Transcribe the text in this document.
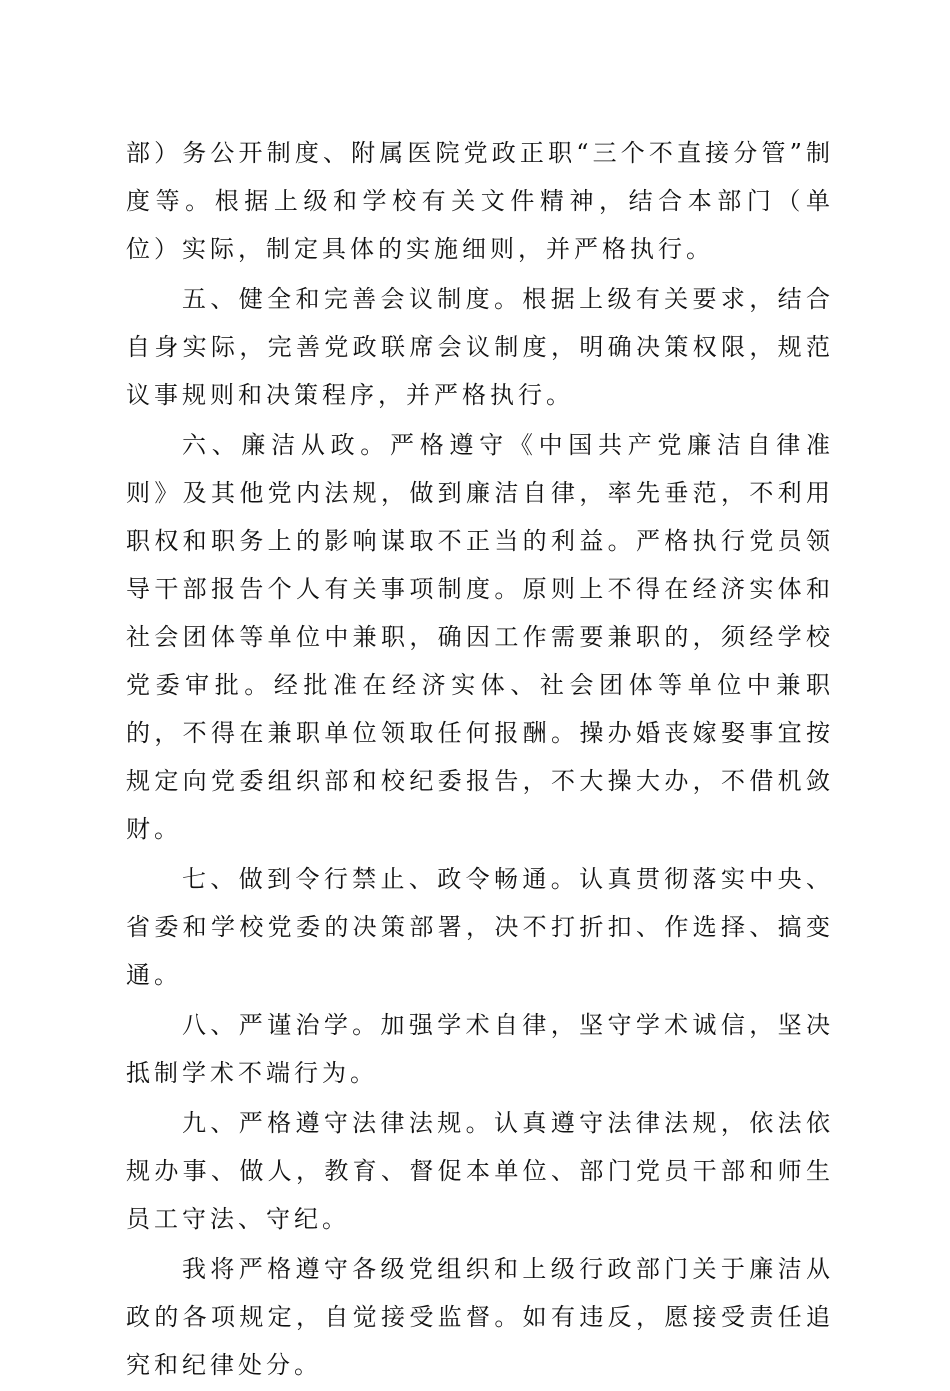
部）务公开制度、附属医院党政正职“三个不直接分管”制度等。根据上级和学校有关文件精神，结合本部门（单位）实际，制定具体的实施细则，并严格执行。

五、健全和完善会议制度。根据上级有关要求，结合自身实际，完善党政联席会议制度，明确决策权限，规范议事规则和决策程序，并严格执行。

六、廉洁从政。严格遵守《中国共产党廉洁自律准则》及其他党内法规，做到廉洁自律，率先垂范，不利用职权和职务上的影响谋取不正当的利益。严格执行党员领导干部报告个人有关事项制度。原则上不得在经济实体和社会团体等单位中兼职，确因工作需要兼职的，须经学校党委审批。经批准在经济实体、社会团体等单位中兼职的，不得在兼职单位领取任何报酬。操办婚丧嫁娶事宜按规定向党委组织部和校纪委报告，不大操大办，不借机敛财。

七、做到令行禁止、政令畅通。认真贯彻落实中央、省委和学校党委的决策部署，决不打折扣、作选择、搞变通。

八、严谨治学。加强学术自律，坚守学术诚信，坚决抵制学术不端行为。

九、严格遵守法律法规。认真遵守法律法规，依法依规办事、做人，教育、督促本单位、部门党员干部和师生员工守法、守纪。

我将严格遵守各级党组织和上级行政部门关于廉洁从政的各项规定，自觉接受监督。如有违反，愿接受责任追究和纪律处分。
